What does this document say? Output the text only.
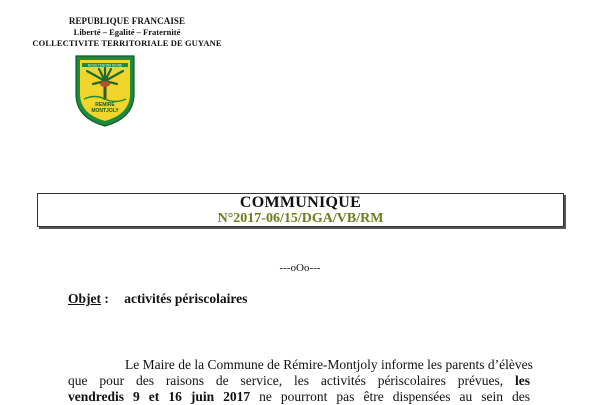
REPUBLIQUE FRANCAISE
Liberté – Egalité – Fraternité
COLLECTIVITE TERRITORIALE DE GUYANE
NOUS TENONS DIGNE
REMIRE
MONTJOLY
COMMUNIQUE
N°2017-06/15/DGA/VB/RM
---oOo---
Objet : activités périscolaires
Le Maire de la Commune de Rémire-Montjoly informe les parents d’élèves
que pour des raisons de service, les activités périscolaires prévues, les
vendredis 9 et 16 juin 2017 ne pourront pas être dispensées au sein des
